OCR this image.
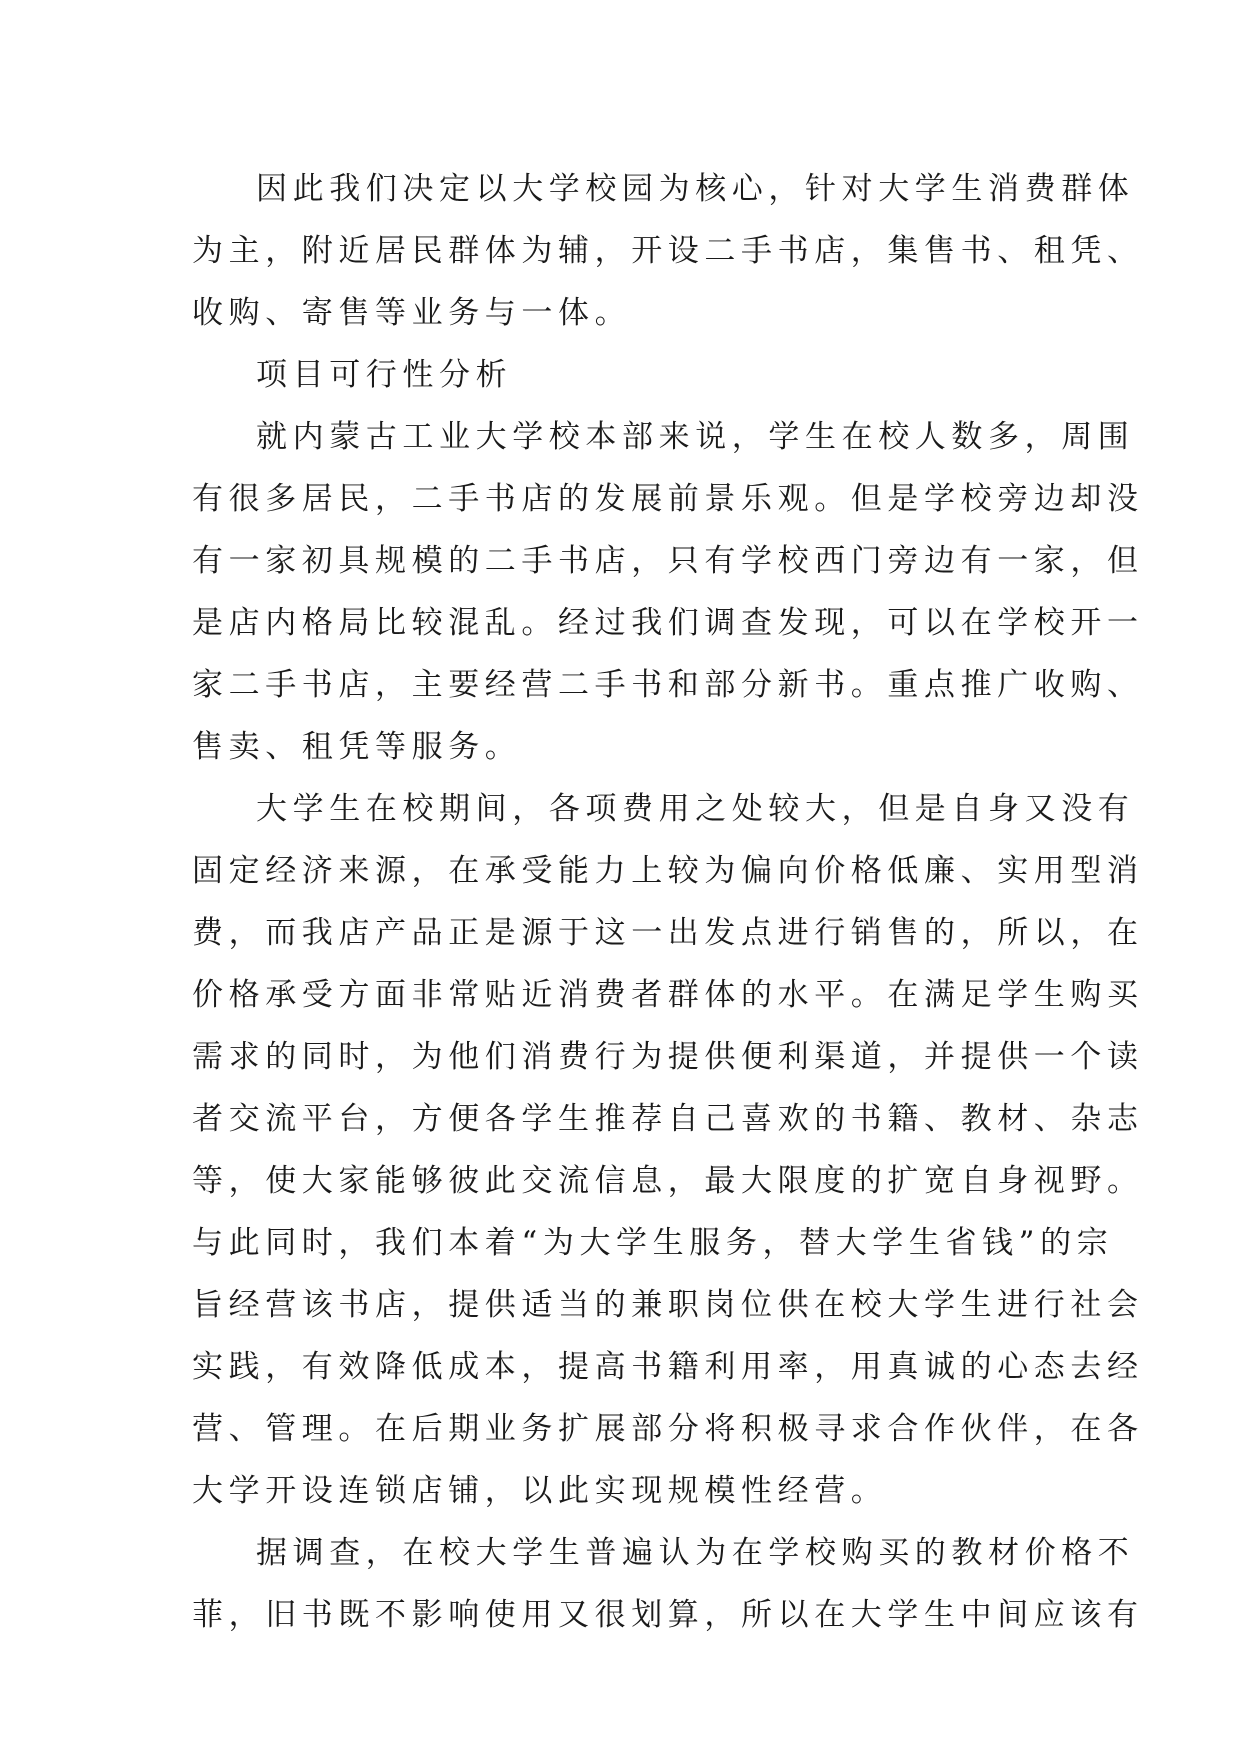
因此我们决定以大学校园为核心，针对大学生消费群体
为主，附近居民群体为辅，开设二手书店，集售书、租凭、
收购、寄售等业务与一体。
项目可行性分析
就内蒙古工业大学校本部来说，学生在校人数多，周围
有很多居民，二手书店的发展前景乐观。但是学校旁边却没
有一家初具规模的二手书店，只有学校西门旁边有一家，但
是店内格局比较混乱。经过我们调查发现，可以在学校开一
家二手书店，主要经营二手书和部分新书。重点推广收购、
售卖、租凭等服务。
大学生在校期间，各项费用之处较大，但是自身又没有
固定经济来源，在承受能力上较为偏向价格低廉、实用型消
费，而我店产品正是源于这一出发点进行销售的，所以，在
价格承受方面非常贴近消费者群体的水平。在满足学生购买
需求的同时，为他们消费行为提供便利渠道，并提供一个读
者交流平台，方便各学生推荐自己喜欢的书籍、教材、杂志
等，使大家能够彼此交流信息，最大限度的扩宽自身视野。
与此同时，我们本着“为大学生服务，替大学生省钱”的宗
旨经营该书店，提供适当的兼职岗位供在校大学生进行社会
实践，有效降低成本，提高书籍利用率，用真诚的心态去经
营、管理。在后期业务扩展部分将积极寻求合作伙伴，在各
大学开设连锁店铺，以此实现规模性经营。
据调查，在校大学生普遍认为在学校购买的教材价格不
菲，旧书既不影响使用又很划算，所以在大学生中间应该有
